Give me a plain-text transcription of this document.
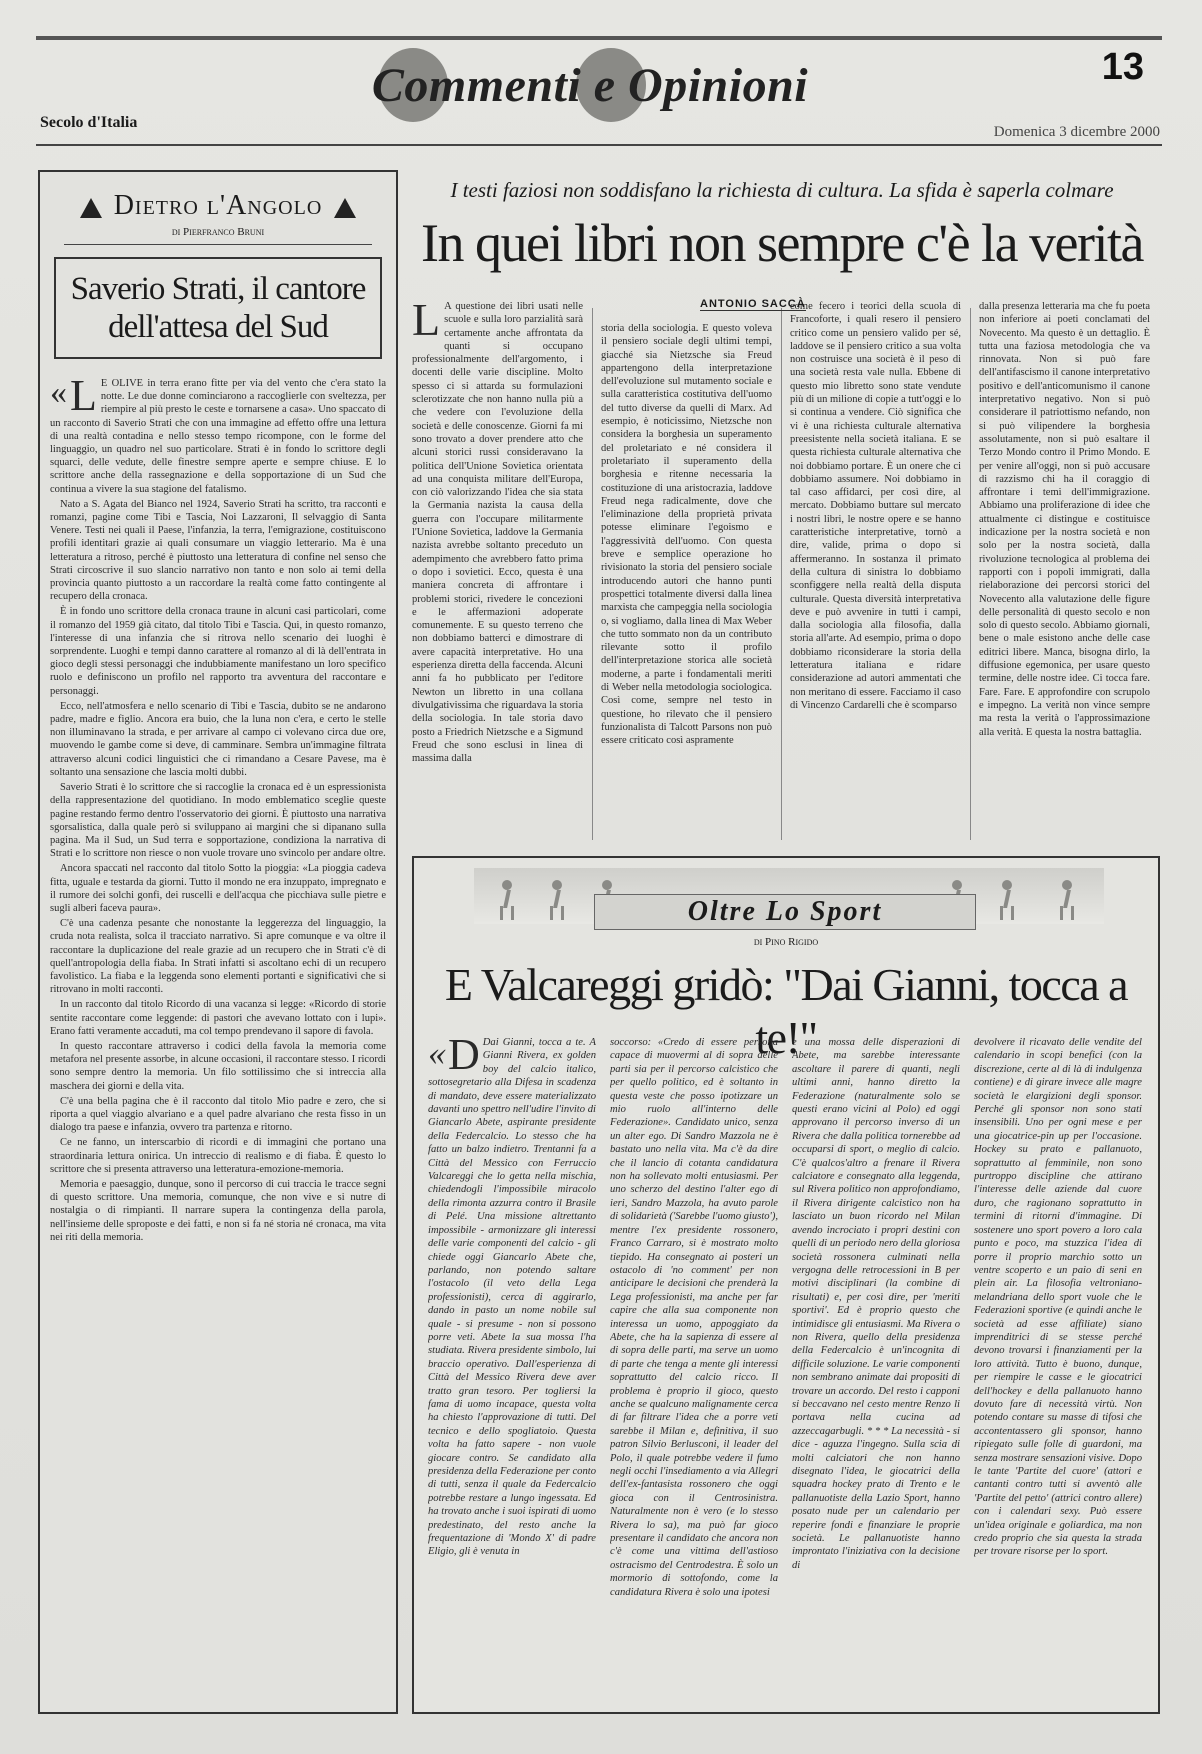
Commenti e Opinioni	13
Secolo d'Italia
Domenica 3 dicembre 2000
Dietro l'Angolo
di Pierfranco Bruni
Saverio Strati, il cantore dell'attesa del Sud

« L E OLIVE in terra erano fitte per via del vento che c'era stato la notte. Le due donne cominciarono a raccoglierle con sveltezza, per riempire al più presto le ceste e tornarsene a casa». Uno spaccato di un racconto di Saverio Strati che con una immagine ad effetto offre una lettura di una realtà contadina e nello stesso tempo ricompone, con le forme del linguaggio, un quadro nel suo particolare. Strati è in fondo lo scrittore degli squarci, delle vedute, delle finestre sempre aperte e sempre chiuse. E lo scrittore anche della rassegnazione e della sopportazione di un Sud che continua a vivere la sua stagione del fatalismo.

Nato a S. Agata del Bianco nel 1924, Saverio Strati ha scritto, tra racconti e romanzi, pagine come Tibi e Tascia, Noi Lazzaroni, Il selvaggio di Santa Venere. Testi nei quali il Paese, l'infanzia, la terra, l'emigrazione, costituiscono profili identitari grazie ai quali consumare un viaggio letterario. Ma è una letteratura a ritroso, perché è piuttosto una letteratura di confine nel senso che Strati circoscrive il suo slancio narrativo non tanto e non solo ai temi della provincia quanto piuttosto a un raccordare la realtà come fatto contingente al recupero della cronaca.

È in fondo uno scrittore della cronaca traune in alcuni casi particolari, come il romanzo del 1959 già citato, dal titolo Tibi e Tascia. Qui, in questo romanzo, l'interesse di una infanzia che si ritrova nello scenario dei luoghi è sorprendente. Luoghi e tempi danno carattere al romanzo al di là dell'entrata in gioco degli stessi personaggi che indubbiamente manifestano un loro specifico ruolo e definiscono un profilo nel rapporto tra avventura del raccontare e personaggi.

Ecco, nell'atmosfera e nello scenario di Tibi e Tascia, dubito se ne andarono padre, madre e figlio. Ancora era buio, che la luna non c'era, e certo le stelle non illuminavano la strada, e per arrivare al campo ci volevano circa due ore, muovendo le gambe come si deve, di camminare. Sembra un'immagine filtrata attraverso alcuni codici linguistici che ci rimandano a Cesare Pavese, ma è soltanto una sensazione che lascia molti dubbi.

Saverio Strati è lo scrittore che si raccoglie la cronaca ed è un espressionista della rappresentazione del quotidiano. In modo emblematico sceglie queste pagine restando fermo dentro l'osservatorio dei giorni. È piuttosto una narrativa sgorsalistica, dalla quale però si sviluppano ai margini che si dipanano sulla pagina. Ma il Sud, un Sud terra e sopportazione, condiziona la narrativa di Strati e lo scrittore non riesce o non vuole trovare uno svincolo per andare oltre.

Ancora spaccati nel racconto dal titolo Sotto la pioggia: «La pioggia cadeva fitta, uguale e testarda da giorni. Tutto il mondo ne era inzuppato, impregnato e il rumore dei solchi gonfi, dei ruscelli e dell'acqua che picchiava sulle pietre e sugli alberi faceva paura».

C'è una cadenza pesante che nonostante la leggerezza del linguaggio, la cruda nota realista, solca il tracciato narrativo. Si apre comunque e va oltre il raccontare la duplicazione del reale grazie ad un recupero che in Strati c'è di quell'antropologia della fiaba. In Strati infatti si ascoltano echi di un recupero favolistico. La fiaba e la leggenda sono elementi portanti e significativi che si ritrovano in molti racconti.

In un racconto dal titolo Ricordo di una vacanza si legge: «Ricordo di storie sentite raccontare come leggende: di pastori che avevano lottato con i lupi». Erano fatti veramente accaduti, ma col tempo prendevano il sapore di favola.

In questo raccontare attraverso i codici della favola la memoria come metafora nel presente assorbe, in alcune occasioni, il raccontare stesso. I ricordi sono sempre dentro la memoria. Un filo sottilissimo che si intreccia alla maschera dei giorni e della vita.

C'è una bella pagina che è il racconto dal titolo Mio padre e zero, che si riporta a quel viaggio alvariano e a quel padre alvariano che resta fisso in un dialogo tra paese e infanzia, ovvero tra partenza e ritorno.

Ce ne fanno, un interscarbio di ricordi e di immagini che portano una straordinaria lettura onirica. Un intreccio di realismo e di fiaba. È questo lo scrittore che si presenta attraverso una letteratura-emozione-memoria.

Memoria e paesaggio, dunque, sono il percorso di cui traccia le tracce segni di questo scrittore. Una memoria, comunque, che non vive e si nutre di nostalgia o di rimpianti. Il narrare supera la contingenza della parola, nell'insieme delle sproposte e dei fatti, e non si fa né storia né cronaca, ma vita nei riti della memoria.

I testi faziosi non soddisfano la richiesta di cultura. La sfida è saperla colmare
In quei libri non sempre c'è la verità
L A questione dei libri usati nelle scuole e sulla loro parzialità sarà certamente anche affrontata da quanti si occupano professionalmente dell'argomento, i docenti delle varie discipline. Molto spesso ci si attarda su formulazioni sclerotizzate che non hanno nulla più a che vedere con l'evoluzione della società e delle conoscenze. Giorni fa mi sono trovato a dover prendere atto che alcuni storici russi consideravano la politica dell'Unione Sovietica orientata ad una conquista militare dell'Europa, con ciò valorizzando l'idea che sia stata la Germania nazista la causa della guerra con l'occupare militarmente l'Unione Sovietica, laddove la Germania nazista avrebbe soltanto preceduto un adempimento che avrebbero fatto prima o dopo i sovietici. Ecco, questa è una maniera concreta di affrontare i problemi storici, rivedere le concezioni e le affermazioni adoperate comunemente. E su questo terreno che non dobbiamo batterci e dimostrare di avere capacità interpretative. Ho una esperienza diretta della faccenda. Alcuni anni fa ho pubblicato per l'editore Newton un libretto in una collana divulgativissima che riguardava la storia della sociologia. In tale storia davo posto a Friedrich Nietzsche e a Sigmund Freud che sono esclusi in linea di massima dalla
storia della sociologia. E questo voleva il pensiero sociale degli ultimi tempi, giacché sia Nietzsche sia Freud appartengono della interpretazione dell'evoluzione sul mutamento sociale e sulla caratteristica costitutiva dell'uomo del tutto diverse da quelli di Marx. Ad esempio, è noticissimo, Nietzsche non considera la borghesia un superamento del proletariato e né considera il proletariato il superamento della borghesia e ritenne necessaria la costituzione di una aristocrazia, laddove Freud nega radicalmente, dove che l'eliminazione della proprietà privata potesse eliminare l'egoismo e l'aggressività dell'uomo. Con questa breve e semplice operazione ho rivisionato la storia del pensiero sociale introducendo autori che hanno punti prospettici totalmente diversi dalla linea marxista che campeggia nella sociologia o, si vogliamo, dalla linea di Max Weber che tutto sommato non da un contributo rilevante sotto il profilo dell'interpretazione storica alle società moderne, a parte i fondamentali meriti di Weber nella metodologia sociologica. Così come, sempre nel testo in questione, ho rilevato che il pensiero funzionalista di Talcott Parsons non può essere criticato così aspramente
come fecero i teorici della scuola di Francoforte, i quali resero il pensiero critico come un pensiero valido per sé, laddove se il pensiero critico a sua volta non costruisce una società è il peso di una società resta vale nulla. Ebbene di questo mio libretto sono state vendute più di un milione di copie a tutt'oggi e lo si continua a vendere. Ciò significa che vi è una richiesta culturale alternativa preesistente nella società italiana. E se questa richiesta culturale alternativa che noi dobbiamo portare. È un onere che ci dobbiamo assumere. Noi dobbiamo in tal caso affidarci, per così dire, al mercato. Dobbiamo buttare sul mercato i nostri libri, le nostre opere e se hanno caratteristiche interpretative, tornò a dire, valide, prima o dopo si affermeranno. In sostanza il primato della cultura di sinistra lo dobbiamo sconfiggere nella realtà della disputa culturale. Questa diversità interpretativa deve e può avvenire in tutti i campi, dalla sociologia alla filosofia, dalla storia all'arte. Ad esempio, prima o dopo dobbiamo riconsiderare la storia della letteratura italiana e ridare considerazione ad autori ammentati che non meritano di essere. Facciamo il caso di Vincenzo Cardarelli che è scomparso
dalla presenza letteraria ma che fu poeta non inferiore ai poeti conclamati del Novecento. Ma questo è un dettaglio. È tutta una faziosa metodologia che va rinnovata. Non si può fare dell'antifascismo il canone interpretativo positivo e dell'anticomunismo il canone interpretativo negativo. Non si può considerare il patriottismo nefando, non si può vilipendere la borghesia assolutamente, non si può esaltare il Terzo Mondo contro il Primo Mondo. E per venire all'oggi, non si può accusare di razzismo chi ha il coraggio di affrontare i temi dell'immigrazione. Abbiamo una proliferazione di idee che attualmente ci distingue e costituisce indicazione per la nostra società e non solo per la nostra società, dalla rivoluzione tecnologica al problema dei rapporti con i popoli immigrati, dalla rielaborazione dei percorsi storici del Novecento alla valutazione delle figure delle personalità di questo secolo e non solo di questo secolo. Abbiamo giornali, bene o male esistono anche delle case editrici libere. Manca, bisogna dirlo, la diffusione egemonica, per usare questo termine, delle nostre idee. Ci tocca fare. Fare. Fare. E approfondire con scrupolo e impegno. La verità non vince sempre ma resta la verità o l'approssimazione alla verità. E questa la nostra battaglia.
ANTONIO SACCÀ
Oltre Lo Sport
di Pino Rigido
E Valcareggi gridò: "Dai Gianni, tocca a te!"
« D Dai Gianni, tocca a te. A Gianni Rivera, ex golden boy del calcio italico, sottosegretario alla Difesa in scadenza di mandato, deve essere materializzato davanti uno spettro nell'udire l'invito di Giancarlo Abete, aspirante presidente della Federcalcio. Lo stesso che ha fatto un balzo indietro. Trentanni fa a Città del Messico con Ferruccio Valcareggi che lo getta nella mischia, chiedendogli l'impossibile miracolo della rimonta azzurra contro il Brasile di Pelé. Una missione altrettanto impossibile - armonizzare gli interessi delle varie componenti del calcio - gli chiede oggi Giancarlo Abete che, parlando, non potendo saltare l'ostacolo (il veto della Lega professionisti), cerca di aggirarlo, dando in pasto un nome nobile sul quale - si presume - non si possono porre veti. Abete la sua mossa l'ha studiata. Rivera presidente simbolo, lui braccio operativo. Dall'esperienza di Città del Messico Rivera deve aver tratto gran tesoro. Per togliersi la fama di uomo incapace, questa volta ha chiesto l'approvazione di tutti. Del tecnico e dello spogliatoio. Questa volta ha fatto sapere - non vuole giocare contro. Se candidato alla presidenza della Federazione per conto di tutti, senza il quale da Federcalcio potrebbe restare a lungo ingessata. Ed ha trovato anche i suoi ispirati di uomo predestinato, del resto anche la frequentazione di 'Mondo X' di padre Eligio, gli è venuta in
soccorso: «Credo di essere persona capace di muovermi al di sopra delle parti sia per il percorso calcistico che per quello politico, ed è soltanto in questa veste che posso ipotizzare un mio ruolo all'interno delle Federazione». Candidato unico, senza un alter ego. Di Sandro Mazzola ne è bastato uno nella vita. Ma c'è da dire che il lancio di cotanta candidatura non ha sollevato molti entusiasmi. Per uno scherzo del destino l'alter ego di ieri, Sandro Mazzola, ha avuto parole di solidarietà ('Sarebbe l'uomo giusto'), mentre l'ex presidente rossonero, Franco Carraro, si è mostrato molto tiepido. Ha consegnato ai posteri un ostacolo di 'no comment' per non anticipare le decisioni che prenderà la Lega professionisti, ma anche per far capire che alla sua componente non interessa un uomo, appoggiato da Abete, che ha la sapienza di essere al di sopra delle parti, ma serve un uomo di parte che tenga a mente gli interessi soprattutto del calcio ricco. Il problema è proprio il gioco, questo anche se qualcuno malignamente cerca di far filtrare l'idea che a porre veti sarebbe il Milan e, definitiva, il suo patron Silvio Berlusconi, il leader del Polo, il quale potrebbe vedere il fumo negli occhi l'insediamento a via Allegri dell'ex-fantasista rossonero che oggi gioca con il Centrosinistra. Naturalmente non è vero (e lo stesso Rivera lo sa), ma può far gioco presentare il candidato che ancora non c'è come una vittima dell'astioso ostracismo del Centrodestra. È solo un mormorio di sottofondo, come la candidatura Rivera è solo una ipotesi
e una mossa delle disperazioni di Abete, ma sarebbe interessante ascoltare il parere di quanti, negli ultimi anni, hanno diretto la Federazione (naturalmente solo se questi erano vicini al Polo) ed oggi approvano il percorso inverso di un Rivera che dalla politica tornerebbe ad occuparsi di sport, o meglio di calcio. C'è qualcos'altro a frenare il Rivera calciatore e consegnato alla leggenda, sul Rivera politico non approfondiamo, il Rivera dirigente calcistico non ha lasciato un buon ricordo nel Milan avendo incrociato i propri destini con quelli di un periodo nero della gloriosa società rossonera culminati nella vergogna delle retrocessioni in B per motivi disciplinari (la combine di risultati) e, per così dire, per 'meriti sportivi'. Ed è proprio questo che intimidisce gli entusiasmi. Ma Rivera o non Rivera, quello della presidenza della Federcalcio è un'incognita di difficile soluzione. Le varie componenti non sembrano animate dai propositi di trovare un accordo. Del resto i capponi si beccavano nel cesto mentre Renzo li portava nella cucina ad azzeccagarbugli. * * * La necessità - si dice - aguzza l'ingegno. Sulla scia di molti calciatori che non hanno disegnato l'idea, le giocatrici della squadra hockey prato di Trento e le pallanuotiste della Lazio Sport, hanno posato nude per un calendario per reperire fondi e finanziare le proprie società. Le pallanuotiste hanno improntato l'iniziativa con la decisione di
devolvere il ricavato delle vendite del calendario in scopi benefici (con la discrezione, certe al di là di indulgenza contiene) e di girare invece alle magre società le elargizioni degli sponsor. Perché gli sponsor non sono stati insensibili. Uno per ogni mese e per una giocatrice-pin up per l'occasione. Hockey su prato e pallanuoto, soprattutto al femminile, non sono purtroppo discipline che attirano l'interesse delle aziende dal cuore duro, che ragionano soprattutto in termini di ritorni d'immagine. Di sostenere uno sport povero a loro cala punto e poco, ma stuzzica l'idea di porre il proprio marchio sotto un ventre scoperto e un paio di seni en plein air. La filosofia veltroniano-melandriana dello sport vuole che le Federazioni sportive (e quindi anche le società ad esse affiliate) siano imprenditrici di se stesse perché devono trovarsi i finanziamenti per la loro attività. Tutto è buono, dunque, per riempire le casse e le giocatrici dell'hockey e della pallanuoto hanno dovuto fare di necessità virtù. Non potendo contare su masse di tifosi che accontentassero gli sponsor, hanno ripiegato sulle folle di guardoni, ma senza mostrare sensazioni visive. Dopo le tante 'Partite del cuore' (attori e cantanti contro tutti si avventò alle 'Partite del petto' (attrici contro allere) con i calendari sexy. Può essere un'idea originale e goliardica, ma non credo proprio che sia questa la strada per trovare risorse per lo sport.
